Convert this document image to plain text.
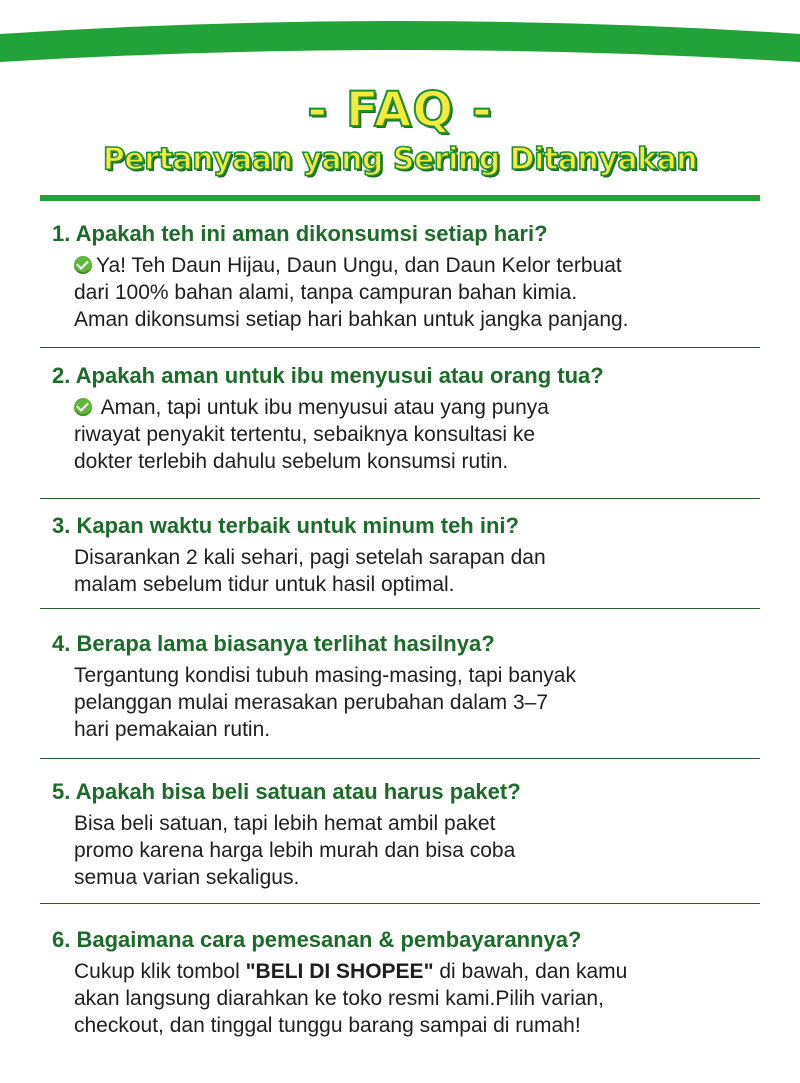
- FAQ -
Pertanyaan yang Sering Ditanyakan

1. Apakah teh ini aman dikonsumsi setiap hari?

Ya! Teh Daun Hijau, Daun Ungu, dan Daun Kelor terbuat
dari 100% bahan alami, tanpa campuran bahan kimia.
Aman dikonsumsi setiap hari bahkan untuk jangka panjang.

2. Apakah aman untuk ibu menyusui atau orang tua?

Aman, tapi untuk ibu menyusui atau yang punya
riwayat penyakit tertentu, sebaiknya konsultasi ke
dokter terlebih dahulu sebelum konsumsi rutin.

3. Kapan waktu terbaik untuk minum teh ini?

Disarankan 2 kali sehari, pagi setelah sarapan dan
malam sebelum tidur untuk hasil optimal.

4. Berapa lama biasanya terlihat hasilnya?

Tergantung kondisi tubuh masing-masing, tapi banyak
pelanggan mulai merasakan perubahan dalam 3–7
hari pemakaian rutin.

5. Apakah bisa beli satuan atau harus paket?

Bisa beli satuan, tapi lebih hemat ambil paket
promo karena harga lebih murah dan bisa coba
semua varian sekaligus.

6. Bagaimana cara pemesanan & pembayarannya?

Cukup klik tombol "BELI DI SHOPEE" di bawah, dan kamu
akan langsung diarahkan ke toko resmi kami.Pilih varian,
checkout, dan tinggal tunggu barang sampai di rumah!
